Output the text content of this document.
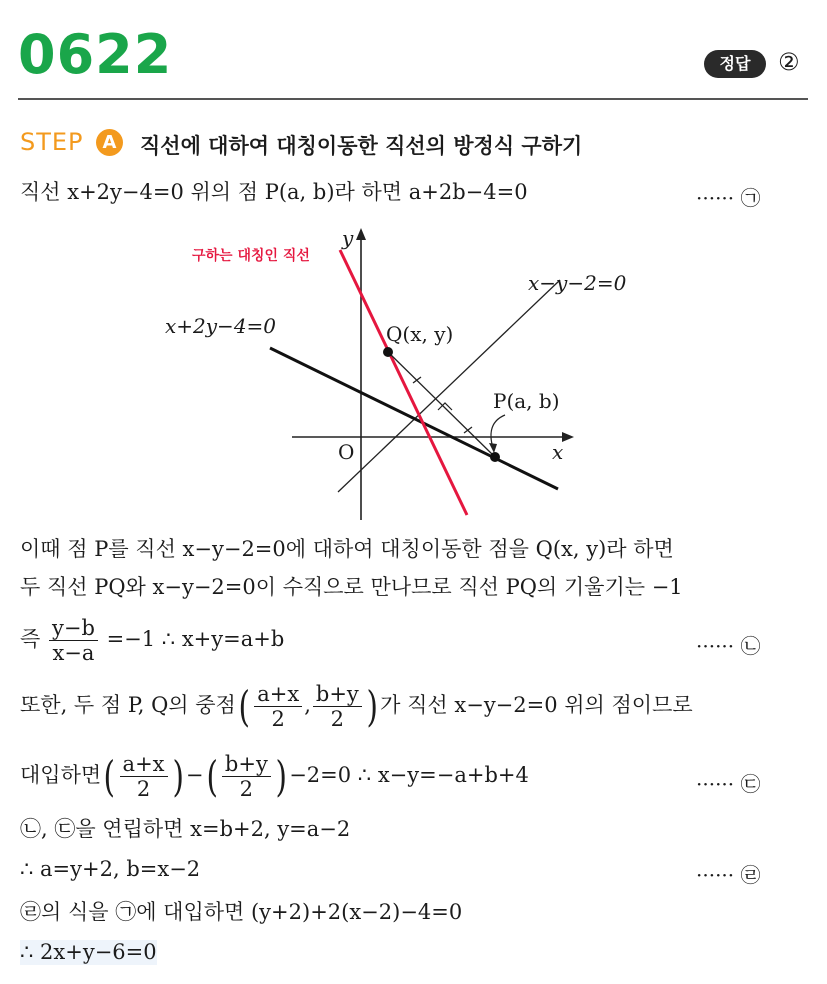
0622	정답	②
STEP	A	직선에 대하여 대칭이동한 직선의 방정식 구하기
직선 x+2y−4=0 위의 점 P(a, b)라 하면 a+2b−4=0	······ ㉠
y
x
O
구하는 대칭인 직선
x−y−2=0
x+2y−4=0	Q(x, y)
P(a, b)
이때 점 P를 직선 x−y−2=0에 대하여 대칭이동한 점을 Q(x, y)라 하면
두 직선 PQ와 x−y−2=0이 수직으로 만나므로 직선 PQ의 기울기는 −1
즉 $\frac{y-b}{x-a} =-1$ ∴ x+y=a+b	······ ㉡
또한, 두 점 P, Q의 중점( $\frac{a+x}{2}$ , $\frac{b+y}{2}$ ) 가 직선 x−y−2=0 위의 점이므로
대입하면( $\frac{a+x}{2}$ ) −( $\frac{b+y}{2}$ ) −2=0 ∴ x−y=−a+b+4	······ ㉢
㉡, ㉢을 연립하면 x=b+2, y=a−2
∴ a=y+2, b=x−2	······ ㉣
㉣의 식을 ㉠에 대입하면 (y+2)+2(x−2)−4=0
∴ 2x+y−6=0
